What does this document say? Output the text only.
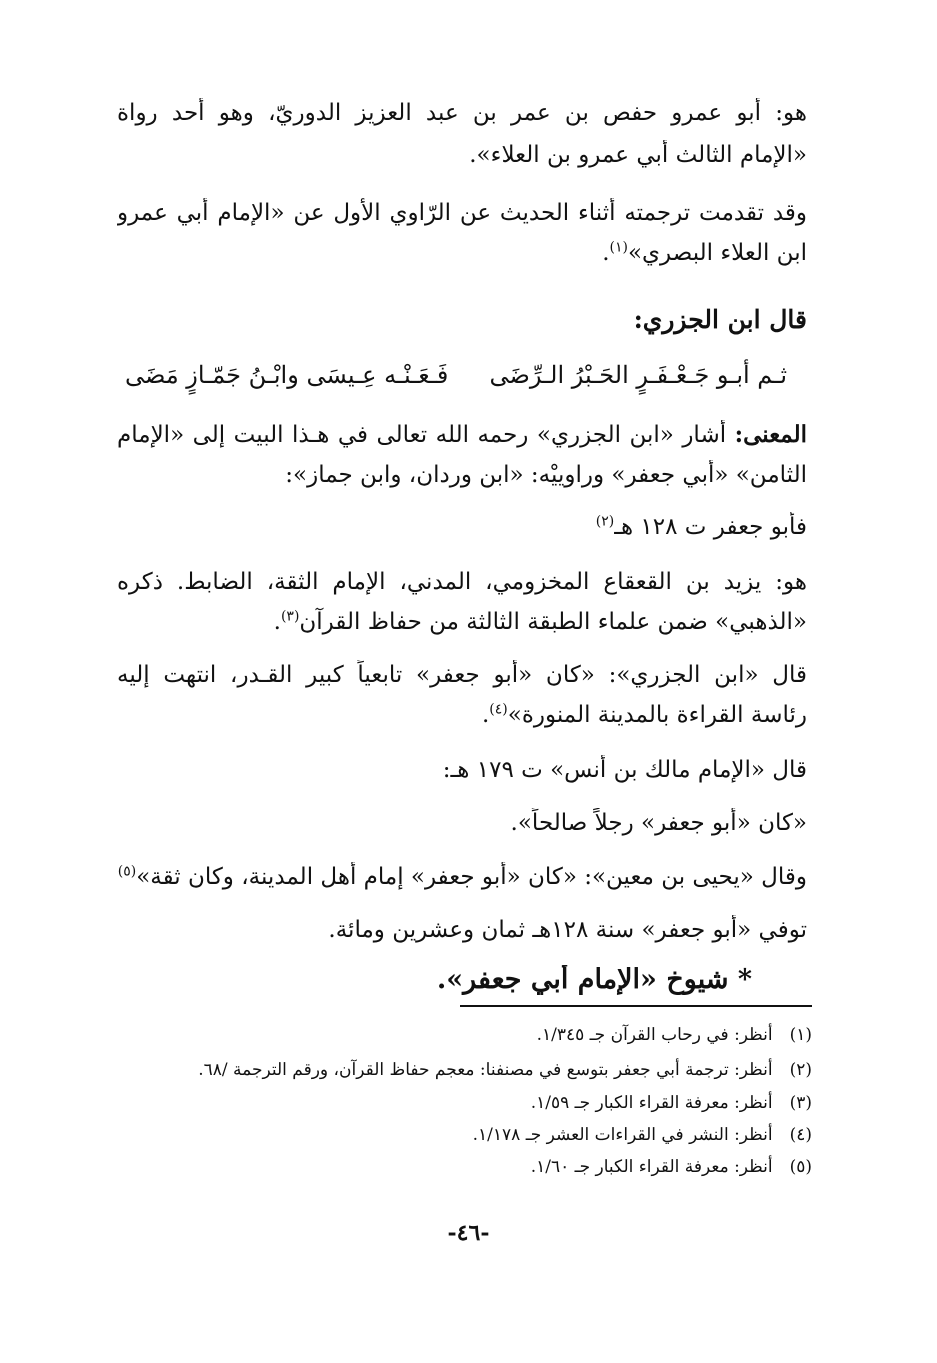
هو: أبو عمرو حفص بن عمر بن عبد العزيز الدوريّ، وهو أحد رواة
«الإمام الثالث أبي عمرو بن العلاء».
وقد تقدمت ترجمته أثناء الحديث عن الرّاوي الأول عن «الإمام أبي عمرو
ابن العلاء البصري»$^{(١)}$.
قال ابن الجزري:
ثـم أبـو جَـعْـفَـرٍ الحَـبْرُ الـرِّضَى
فَـعَـنْـه عِـيسَى وابْـنُ جَمّـازٍ مَضَى
المعنى: أشار «ابن الجزري» رحمه الله تعالى في هـذا البيت إلى «الإمام
الثامن» «أبي جعفر» وراوييْه: «ابن وردان، وابن جماز»:
فأبو جعفر ت ١٢٨ هـ$^{(٢)}$
هو: يزيد بن القعقاع المخزومي، المدني، الإمام الثقة، الضابط. ذكره
«الذهبي» ضمن علماء الطبقة الثالثة من حفاظ القرآن$^{(٣)}$.
قال «ابن الجزري»: «كان «أبو جعفر» تابعياً كبير القـدر، انتهت إليه
رئاسة القراءة بالمدينة المنورة»$^{(٤)}$.
قال «الإمام مالك بن أنس» ت ١٧٩ هـ:
«كان «أبو جعفر» رجلاً صالحاً».
وقال «يحيى بن معين»: «كان «أبو جعفر» إمام أهل المدينة، وكان ثقة»$^{(٥)}$
توفي «أبو جعفر» سنة ١٢٨هـ ثمان وعشرين ومائة.
* شيوخ «الإمام أبي جعفر».
(١) أنظر: في رحاب القرآن جـ ١/٣٤٥.
(٢) أنظر: ترجمة أبي جعفر بتوسع في مصنفنا: معجم حفاظ القرآن، ورقم الترجمة /٦٨.
(٣) أنظر: معرفة القراء الكبار جـ ١/٥٩.
(٤) أنظر: النشر في القراءات العشر جـ ١/١٧٨.
(٥) أنظر: معرفة القراء الكبار جـ ١/٦٠.
-٤٦-
